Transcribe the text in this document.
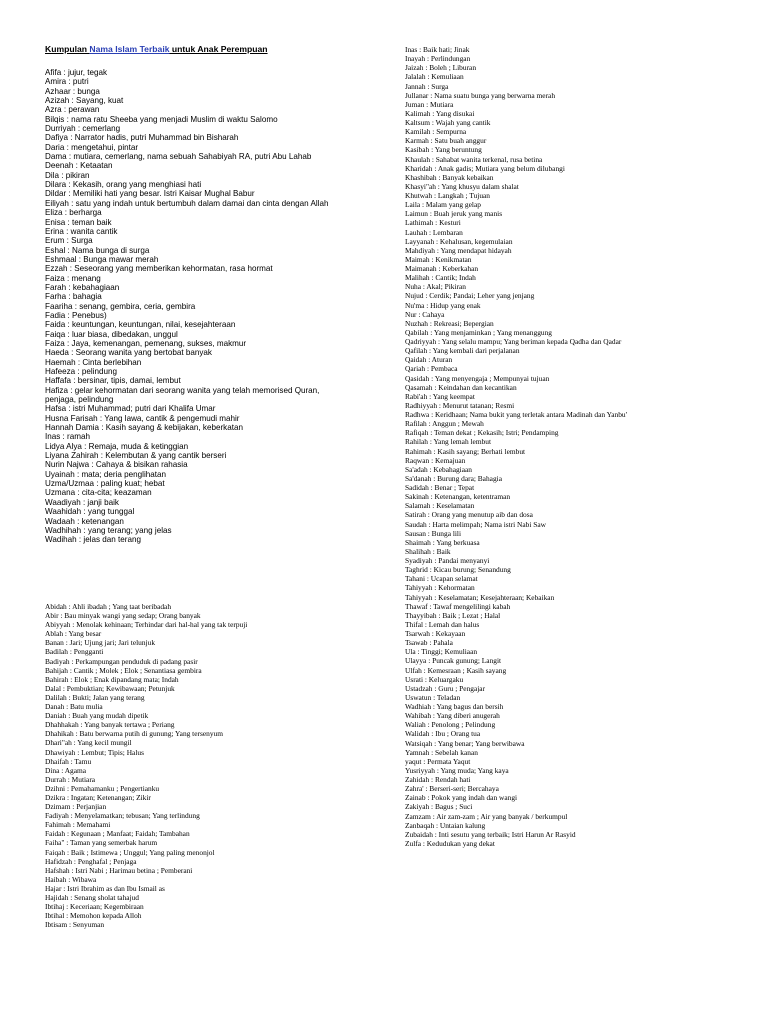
Kumpulan Nama Islam Terbaik untuk Anak Perempuan
Afifa : jujur, tegak
Amira : putri
Azhaar : bunga
Azizah : Sayang, kuat
Azra : perawan
Bilqis : nama ratu Sheeba yang menjadi Muslim di waktu Salomo
Durriyah : cemerlang
Dafiya : Narrator hadis, putri Muhammad bin Bisharah
Daria : mengetahui, pintar
Dama : mutiara, cemerlang, nama sebuah Sahabiyah RA, putri Abu Lahab
Deenah : Ketaatan
Dila : pikiran
Dilara : Kekasih, orang yang menghiasi hati
Dildar : Memiliki hati yang besar. Istri Kaisar Mughal Babur
Eiliyah : satu yang indah untuk bertumbuh dalam damai dan cinta dengan Allah
Eliza : berharga
Enisa : teman baik
Erina : wanita cantik
Erum : Surga
Eshal : Nama bunga di surga
Eshmaal : Bunga mawar merah
Ezzah : Seseorang yang memberikan kehormatan, rasa hormat
Faiza : menang
Farah : kebahagiaan
Farha : bahagia
Faariha : senang, gembira, ceria, gembira
Fadia : Penebus)
Faida : keuntungan, keuntungan, nilai, kesejahteraan
Faiqa : luar biasa, dibedakan, unggul
Faiza : Jaya, kemenangan, pemenang, sukses, makmur
Haeda : Seorang wanita yang bertobat banyak
Haemah : Cinta berlebihan
Hafeeza : pelindung
Haffafa : bersinar, tipis, damai, lembut
Hafiza : gelar kehormatan dari seorang wanita yang telah memorised Quran,
penjaga, pelindung
Hafsa : istri Muhammad; putri dari Khalifa Umar
Husna Farisah : Yang lawa, cantik & pengemudi mahir
Hannah Damia : Kasih sayang & kebijakan, keberkatan
Inas : ramah
Lidya Alya : Remaja, muda & ketinggian
Liyana Zahirah : Kelembutan & yang cantik berseri
Nurin Najwa : Cahaya & bisikan rahasia
Uyainah : mata; deria penglihatan
Uzma/Uzmaa : paling kuat; hebat
Uzmana : cita-cita; keazaman
Waadiyah : janji baik
Waahidah : yang tunggal
Wadaah : ketenangan
Wadhihah : yang terang; yang jelas
Wadihah : jelas dan terang
Abidah : Ahli ibadah ; Yang taat beribadah
Abir : Bau minyak wangi yang sedap; Orang banyak
Abiyyah : Menolak kehinaan; Terhindar dari hal-hal yang tak terpuji
Ablah : Yang besar
Banan : Jari; Ujung jari; Jari telunjuk
Badilah : Pengganti
Badiyah : Perkampungan penduduk di padang pasir
Bahijah : Cantik ; Molek ; Elok ; Senantiasa gembira
Bahirah : Elok ; Enak dipandang mata; Indah
Dalal : Pembuktian; Kewibawaan; Petunjuk
Dalilah : Bukti; Jalan yang terang
Danah : Batu mulia
Daniah : Buah yang mudah dipetik
Dhahhakah : Yang banyak tertawa ; Periang
Dhahikah : Batu berwarna putih di gunung; Yang tersenyum
Dhari"ah : Yang kecil mungil
Dhawiyah : Lembut; Tipis; Halus
Dhaifah : Tamu
Dina : Agama
Durrah : Mutiara
Dzihni : Pemahamanku ; Pengertianku
Dzikra : Ingatan; Ketenangan; Zikir
Dzimam : Perjanjian
Fadiyah : Menyelamatkan; tebusan; Yang terlindung
Fahimah : Memahami
Faidah : Kegunaan ; Manfaat; Faidah; Tambahan
Faiha" : Taman yang semerbak harum
Faiqah : Baik ; Istimewa ; Unggul; Yang paling menonjol
Hafidzah : Penghafal ; Penjaga
Hafshah : Istri Nabi ; Harimau betina ; Pemberani
Haibah : Wibawa
Hajar : Istri Ibrahim as dan Ibu Ismail as
Hajidah : Senang sholat tahajud
Ibtihaj : Keceriaan; Kegembiraan
Ibtihal : Memohon kepada Alloh
Ibtisam : Senyuman
Inas : Baik hati; Jinak
Inayah : Perlindungan
Jaizah : Boleh ; Liburan
Jalalah : Kemuliaan
Jannah : Surga
Jullanar : Nama suatu bunga yang berwarna merah
Juman : Mutiara
Kalimah : Yang disukai
Kaltsum : Wajah yang cantik
Kamilah : Sempurna
Karmah : Satu buah anggur
Kasibah : Yang beruntung
Khaulah : Sahabat wanita terkenal, rusa betina
Kharidah : Anak gadis; Mutiara yang belum dilubangi
Khashibah : Banyak kebaikan
Khasyi"ah : Yang khusyu dalam shalat
Khutwah : Langkah ; Tujuan
Laila : Malam yang gelap
Laimun : Buah jeruk yang manis
Lathimah : Kesturi
Lauhah : Lembaran
Layyanah : Kehalusan, kegemulaian
Mahdiyah : Yang mendapat hidayah
Maimah : Kenikmatan
Maimanah : Keberkahan
Malihah : Cantik; Indah
Nuha : Akal; Pikiran
Nujud : Cerdik; Pandai; Leher yang jenjang
Nu'ma : Hidup yang enak
Nur : Cahaya
Nuzhah : Rekreasi; Bepergian
Qabilah : Yang menjaminkan ; Yang menanggung
Qadriyyah : Yang selalu mampu; Yang beriman kepada Qadha dan Qadar
Qafilah : Yang kembali dari perjalanan
Qaidah : Aturan
Qariah : Pembaca
Qasidah : Yang menyengaja ; Mempunyai tujuan
Qasamah : Keindahan dan kecantikan
Rabi'ah : Yang keempat
Radhiyyah : Menurut tatanan; Resmi
Radhwa : Keridhaan; Nama bukit yang terletak antara Madinah dan Yanbu'
Rafilah : Anggun ; Mewah
Rafiqah : Teman dekat ; Kekasih; Istri; Pendamping
Rahilah : Yang lemah lembut
Rahimah : Kasih sayang; Berhati lembut
Raqwan : Kemajuan
Sa'adah : Kebahagiaan
Sa'danah : Burung dara; Bahagia
Sadidah : Benar ; Tepat
Sakinah : Ketenangan, ketentraman
Salamah : Keselamatan
Satirah : Orang yang menutup aib dan dosa
Saudah : Harta melimpah; Nama istri Nabi Saw
Sausan : Bunga lili
Shaimah : Yang berkuasa
Shalihah : Baik
Syadiyah : Pandai menyanyi
Taghrid : Kicau burung; Senandung
Tahani : Ucapan selamat
Tahiyyah : Kehormatan
Tahiyyah : Keselamatan; Kesejahteraan; Kebaikan
Thawaf : Tawaf mengelilingi kabah
Thayyibah : Baik ; Lezat ; Halal
Thifal : Lemah dan halus
Tsarwah : Kekayaan
Tsawab : Pahala
Ula : Tinggi; Kemuliaan
Ulayya : Puncak gunung; Langit
Ulfah : Kemesraan ; Kasih sayang
Usrati : Keluargaku
Ustadzah : Guru ; Pengajar
Uswatun : Teladan
Wadhiah : Yang bagus dan bersih
Wahibah : Yang diberi anugerah
Waliah : Penolong ; Pelindung
Walidah : Ibu ; Orang tua
Watsiqah : Yang benar; Yang berwibawa
Yamnah : Sebelah kanan
yaqut : Permata Yaqut
Yusriyyah : Yang muda; Yang kaya
Zahidah : Rendah hati
Zahra' : Berseri-seri; Bercahaya
Zainab : Pokok yang indah dan wangi
Zakiyah : Bagus ; Suci
Zamzam : Air zam-zam ; Air yang banyak / berkumpul
Zanbaqah : Untaian kalung
Zubaidah : Inti sesutu yang terbaik; Istri Harun Ar Rasyid
Zulfa : Kedudukan yang dekat
